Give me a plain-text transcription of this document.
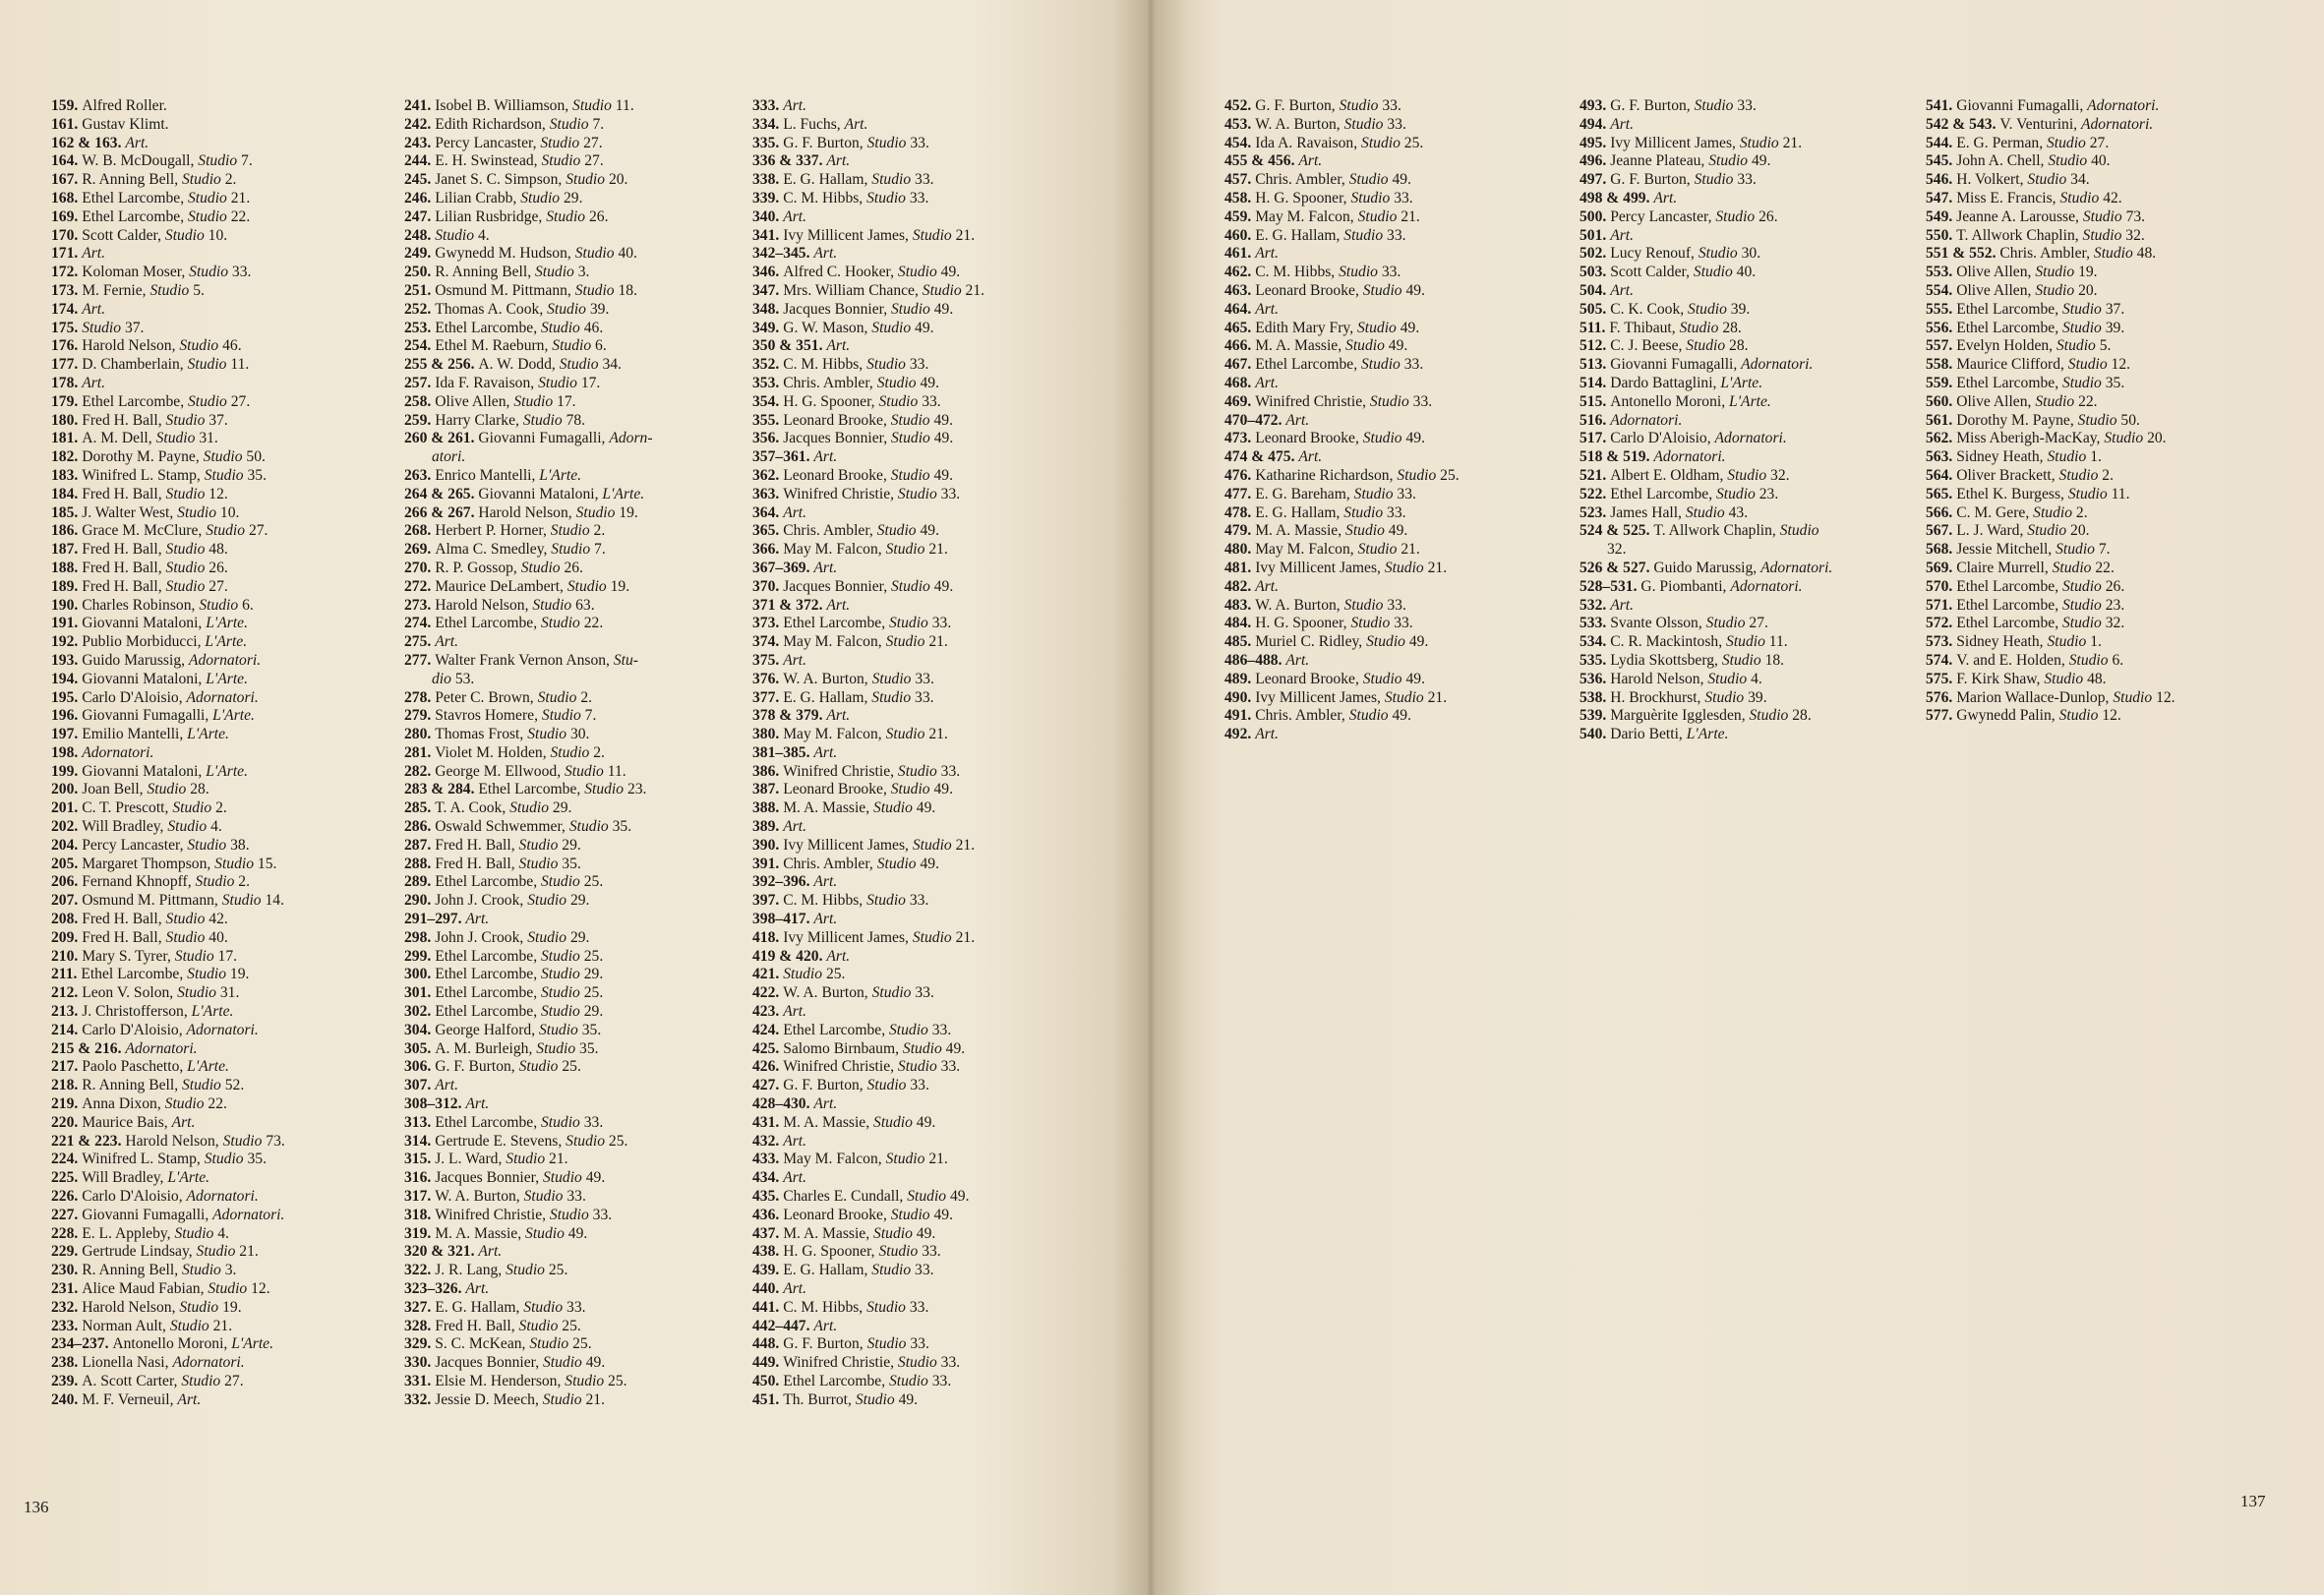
159. Alfred Roller.
161. Gustav Klimt.
162 & 163. Art.
164. W. B. McDougall, Studio 7.
167. R. Anning Bell, Studio 2.
168. Ethel Larcombe, Studio 21.
169. Ethel Larcombe, Studio 22.
170. Scott Calder, Studio 10.
171. Art.
172. Koloman Moser, Studio 33.
173. M. Fernie, Studio 5.
174. Art.
175. Studio 37.
176. Harold Nelson, Studio 46.
177. D. Chamberlain, Studio 11.
178. Art.
179. Ethel Larcombe, Studio 27.
180. Fred H. Ball, Studio 37.
181. A. M. Dell, Studio 31.
182. Dorothy M. Payne, Studio 50.
183. Winifred L. Stamp, Studio 35.
184. Fred H. Ball, Studio 12.
185. J. Walter West, Studio 10.
186. Grace M. McClure, Studio 27.
187. Fred H. Ball, Studio 48.
188. Fred H. Ball, Studio 26.
189. Fred H. Ball, Studio 27.
190. Charles Robinson, Studio 6.
191. Giovanni Mataloni, L'Arte.
192. Publio Morbiducci, L'Arte.
193. Guido Marussig, Adornatori.
194. Giovanni Mataloni, L'Arte.
195. Carlo D'Aloisio, Adornatori.
196. Giovanni Fumagalli, L'Arte.
197. Emilio Mantelli, L'Arte.
198. Adornatori.
199. Giovanni Mataloni, L'Arte.
200. Joan Bell, Studio 28.
201. C. T. Prescott, Studio 2.
202. Will Bradley, Studio 4.
204. Percy Lancaster, Studio 38.
205. Margaret Thompson, Studio 15.
206. Fernand Khnopff, Studio 2.
207. Osmund M. Pittmann, Studio 14.
208. Fred H. Ball, Studio 42.
209. Fred H. Ball, Studio 40.
210. Mary S. Tyrer, Studio 17.
211. Ethel Larcombe, Studio 19.
212. Leon V. Solon, Studio 31.
213. J. Christofferson, L'Arte.
214. Carlo D'Aloisio, Adornatori.
215 & 216. Adornatori.
217. Paolo Paschetto, L'Arte.
218. R. Anning Bell, Studio 52.
219. Anna Dixon, Studio 22.
220. Maurice Bais, Art.
221 & 223. Harold Nelson, Studio 73.
224. Winifred L. Stamp, Studio 35.
225. Will Bradley, L'Arte.
226. Carlo D'Aloisio, Adornatori.
227. Giovanni Fumagalli, Adornatori.
228. E. L. Appleby, Studio 4.
229. Gertrude Lindsay, Studio 21.
230. R. Anning Bell, Studio 3.
231. Alice Maud Fabian, Studio 12.
232. Harold Nelson, Studio 19.
233. Norman Ault, Studio 21.
234–237. Antonello Moroni, L'Arte.
238. Lionella Nasi, Adornatori.
239. A. Scott Carter, Studio 27.
240. M. F. Verneuil, Art.
241. Isobel B. Williamson, Studio 11.
242. Edith Richardson, Studio 7.
243. Percy Lancaster, Studio 27.
244. E. H. Swinstead, Studio 27.
245. Janet S. C. Simpson, Studio 20.
246. Lilian Crabb, Studio 29.
247. Lilian Rusbridge, Studio 26.
248. Studio 4.
249. Gwynedd M. Hudson, Studio 40.
250. R. Anning Bell, Studio 3.
251. Osmund M. Pittmann, Studio 18.
252. Thomas A. Cook, Studio 39.
253. Ethel Larcombe, Studio 46.
254. Ethel M. Raeburn, Studio 6.
255 & 256. A. W. Dodd, Studio 34.
257. Ida F. Ravaison, Studio 17.
258. Olive Allen, Studio 17.
259. Harry Clarke, Studio 78.
260 & 261. Giovanni Fumagalli, Adorn-
atori.
263. Enrico Mantelli, L'Arte.
264 & 265. Giovanni Mataloni, L'Arte.
266 & 267. Harold Nelson, Studio 19.
268. Herbert P. Horner, Studio 2.
269. Alma C. Smedley, Studio 7.
270. R. P. Gossop, Studio 26.
272. Maurice DeLambert, Studio 19.
273. Harold Nelson, Studio 63.
274. Ethel Larcombe, Studio 22.
275. Art.
277. Walter Frank Vernon Anson, Stu-
dio 53.
278. Peter C. Brown, Studio 2.
279. Stavros Homere, Studio 7.
280. Thomas Frost, Studio 30.
281. Violet M. Holden, Studio 2.
282. George M. Ellwood, Studio 11.
283 & 284. Ethel Larcombe, Studio 23.
285. T. A. Cook, Studio 29.
286. Oswald Schwemmer, Studio 35.
287. Fred H. Ball, Studio 29.
288. Fred H. Ball, Studio 35.
289. Ethel Larcombe, Studio 25.
290. John J. Crook, Studio 29.
291–297. Art.
298. John J. Crook, Studio 29.
299. Ethel Larcombe, Studio 25.
300. Ethel Larcombe, Studio 29.
301. Ethel Larcombe, Studio 25.
302. Ethel Larcombe, Studio 29.
304. George Halford, Studio 35.
305. A. M. Burleigh, Studio 35.
306. G. F. Burton, Studio 25.
307. Art.
308–312. Art.
313. Ethel Larcombe, Studio 33.
314. Gertrude E. Stevens, Studio 25.
315. J. L. Ward, Studio 21.
316. Jacques Bonnier, Studio 49.
317. W. A. Burton, Studio 33.
318. Winifred Christie, Studio 33.
319. M. A. Massie, Studio 49.
320 & 321. Art.
322. J. R. Lang, Studio 25.
323–326. Art.
327. E. G. Hallam, Studio 33.
328. Fred H. Ball, Studio 25.
329. S. C. McKean, Studio 25.
330. Jacques Bonnier, Studio 49.
331. Elsie M. Henderson, Studio 25.
332. Jessie D. Meech, Studio 21.
333. Art.
334. L. Fuchs, Art.
335. G. F. Burton, Studio 33.
336 & 337. Art.
338. E. G. Hallam, Studio 33.
339. C. M. Hibbs, Studio 33.
340. Art.
341. Ivy Millicent James, Studio 21.
342–345. Art.
346. Alfred C. Hooker, Studio 49.
347. Mrs. William Chance, Studio 21.
348. Jacques Bonnier, Studio 49.
349. G. W. Mason, Studio 49.
350 & 351. Art.
352. C. M. Hibbs, Studio 33.
353. Chris. Ambler, Studio 49.
354. H. G. Spooner, Studio 33.
355. Leonard Brooke, Studio 49.
356. Jacques Bonnier, Studio 49.
357–361. Art.
362. Leonard Brooke, Studio 49.
363. Winifred Christie, Studio 33.
364. Art.
365. Chris. Ambler, Studio 49.
366. May M. Falcon, Studio 21.
367–369. Art.
370. Jacques Bonnier, Studio 49.
371 & 372. Art.
373. Ethel Larcombe, Studio 33.
374. May M. Falcon, Studio 21.
375. Art.
376. W. A. Burton, Studio 33.
377. E. G. Hallam, Studio 33.
378 & 379. Art.
380. May M. Falcon, Studio 21.
381–385. Art.
386. Winifred Christie, Studio 33.
387. Leonard Brooke, Studio 49.
388. M. A. Massie, Studio 49.
389. Art.
390. Ivy Millicent James, Studio 21.
391. Chris. Ambler, Studio 49.
392–396. Art.
397. C. M. Hibbs, Studio 33.
398–417. Art.
418. Ivy Millicent James, Studio 21.
419 & 420. Art.
421. Studio 25.
422. W. A. Burton, Studio 33.
423. Art.
424. Ethel Larcombe, Studio 33.
425. Salomo Birnbaum, Studio 49.
426. Winifred Christie, Studio 33.
427. G. F. Burton, Studio 33.
428–430. Art.
431. M. A. Massie, Studio 49.
432. Art.
433. May M. Falcon, Studio 21.
434. Art.
435. Charles E. Cundall, Studio 49.
436. Leonard Brooke, Studio 49.
437. M. A. Massie, Studio 49.
438. H. G. Spooner, Studio 33.
439. E. G. Hallam, Studio 33.
440. Art.
441. C. M. Hibbs, Studio 33.
442–447. Art.
448. G. F. Burton, Studio 33.
449. Winifred Christie, Studio 33.
450. Ethel Larcombe, Studio 33.
451. Th. Burrot, Studio 49.
452. G. F. Burton, Studio 33.
453. W. A. Burton, Studio 33.
454. Ida A. Ravaison, Studio 25.
455 & 456. Art.
457. Chris. Ambler, Studio 49.
458. H. G. Spooner, Studio 33.
459. May M. Falcon, Studio 21.
460. E. G. Hallam, Studio 33.
461. Art.
462. C. M. Hibbs, Studio 33.
463. Leonard Brooke, Studio 49.
464. Art.
465. Edith Mary Fry, Studio 49.
466. M. A. Massie, Studio 49.
467. Ethel Larcombe, Studio 33.
468. Art.
469. Winifred Christie, Studio 33.
470–472. Art.
473. Leonard Brooke, Studio 49.
474 & 475. Art.
476. Katharine Richardson, Studio 25.
477. E. G. Bareham, Studio 33.
478. E. G. Hallam, Studio 33.
479. M. A. Massie, Studio 49.
480. May M. Falcon, Studio 21.
481. Ivy Millicent James, Studio 21.
482. Art.
483. W. A. Burton, Studio 33.
484. H. G. Spooner, Studio 33.
485. Muriel C. Ridley, Studio 49.
486–488. Art.
489. Leonard Brooke, Studio 49.
490. Ivy Millicent James, Studio 21.
491. Chris. Ambler, Studio 49.
492. Art.
493. G. F. Burton, Studio 33.
494. Art.
495. Ivy Millicent James, Studio 21.
496. Jeanne Plateau, Studio 49.
497. G. F. Burton, Studio 33.
498 & 499. Art.
500. Percy Lancaster, Studio 26.
501. Art.
502. Lucy Renouf, Studio 30.
503. Scott Calder, Studio 40.
504. Art.
505. C. K. Cook, Studio 39.
511. F. Thibaut, Studio 28.
512. C. J. Beese, Studio 28.
513. Giovanni Fumagalli, Adornatori.
514. Dardo Battaglini, L'Arte.
515. Antonello Moroni, L'Arte.
516. Adornatori.
517. Carlo D'Aloisio, Adornatori.
518 & 519. Adornatori.
521. Albert E. Oldham, Studio 32.
522. Ethel Larcombe, Studio 23.
523. James Hall, Studio 43.
524 & 525. T. Allwork Chaplin, Studio
32.
526 & 527. Guido Marussig, Adornatori.
528–531. G. Piombanti, Adornatori.
532. Art.
533. Svante Olsson, Studio 27.
534. C. R. Mackintosh, Studio 11.
535. Lydia Skottsberg, Studio 18.
536. Harold Nelson, Studio 4.
538. H. Brockhurst, Studio 39.
539. Marguèrite Igglesden, Studio 28.
540. Dario Betti, L'Arte.
541. Giovanni Fumagalli, Adornatori.
542 & 543. V. Venturini, Adornatori.
544. E. G. Perman, Studio 27.
545. John A. Chell, Studio 40.
546. H. Volkert, Studio 34.
547. Miss E. Francis, Studio 42.
549. Jeanne A. Larousse, Studio 73.
550. T. Allwork Chaplin, Studio 32.
551 & 552. Chris. Ambler, Studio 48.
553. Olive Allen, Studio 19.
554. Olive Allen, Studio 20.
555. Ethel Larcombe, Studio 37.
556. Ethel Larcombe, Studio 39.
557. Evelyn Holden, Studio 5.
558. Maurice Clifford, Studio 12.
559. Ethel Larcombe, Studio 35.
560. Olive Allen, Studio 22.
561. Dorothy M. Payne, Studio 50.
562. Miss Aberigh-MacKay, Studio 20.
563. Sidney Heath, Studio 1.
564. Oliver Brackett, Studio 2.
565. Ethel K. Burgess, Studio 11.
566. C. M. Gere, Studio 2.
567. L. J. Ward, Studio 20.
568. Jessie Mitchell, Studio 7.
569. Claire Murrell, Studio 22.
570. Ethel Larcombe, Studio 26.
571. Ethel Larcombe, Studio 23.
572. Ethel Larcombe, Studio 32.
573. Sidney Heath, Studio 1.
574. V. and E. Holden, Studio 6.
575. F. Kirk Shaw, Studio 48.
576. Marion Wallace-Dunlop, Studio 12.
577. Gwynedd Palin, Studio 12.
136	137
